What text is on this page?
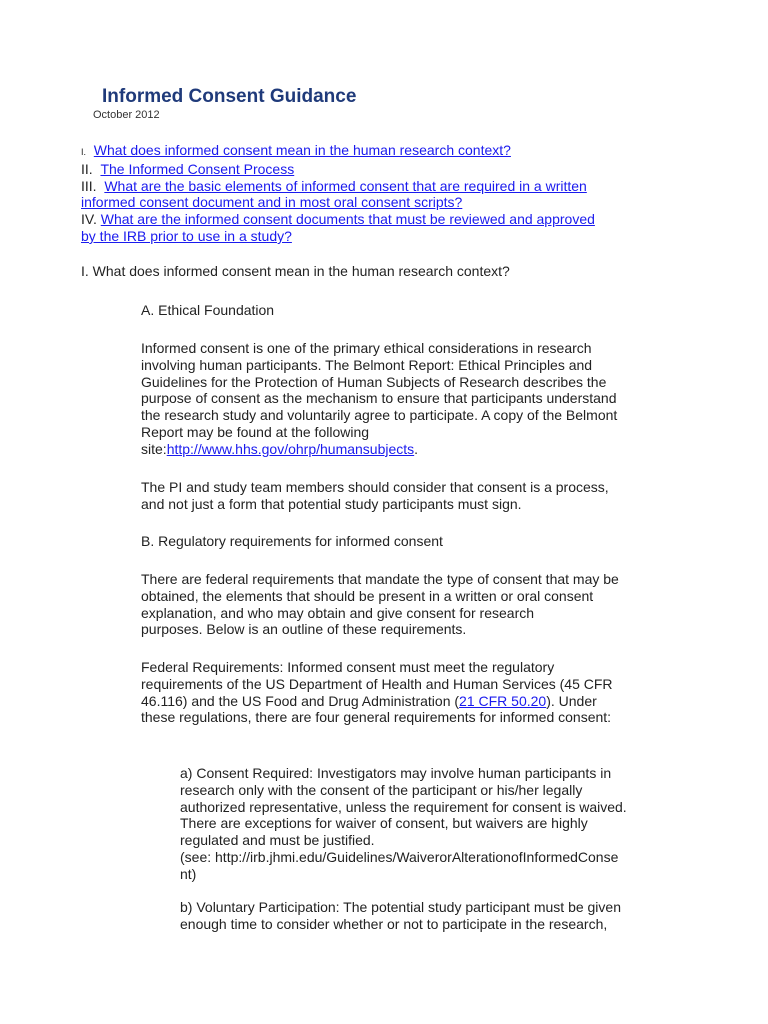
Informed Consent Guidance
October 2012
I. What does informed consent mean in the human research context?
II. The Informed Consent Process
III. What are the basic elements of informed consent that are required in a written
informed consent document and in most oral consent scripts?
IV. What are the informed consent documents that must be reviewed and approved
by the IRB prior to use in a study?
I. What does informed consent mean in the human research context?
A. Ethical Foundation
Informed consent is one of the primary ethical considerations in research
involving human participants. The Belmont Report: Ethical Principles and
Guidelines for the Protection of Human Subjects of Research describes the
purpose of consent as the mechanism to ensure that participants understand
the research study and voluntarily agree to participate. A copy of the Belmont
Report may be found at the following
site:http://www.hhs.gov/ohrp/humansubjects.
The PI and study team members should consider that consent is a process,
and not just a form that potential study participants must sign.
B. Regulatory requirements for informed consent
There are federal requirements that mandate the type of consent that may be
obtained, the elements that should be present in a written or oral consent
explanation, and who may obtain and give consent for research
purposes. Below is an outline of these requirements.
Federal Requirements: Informed consent must meet the regulatory
requirements of the US Department of Health and Human Services (45 CFR
46.116) and the US Food and Drug Administration (21 CFR 50.20). Under
these regulations, there are four general requirements for informed consent:
a) Consent Required: Investigators may involve human participants in
research only with the consent of the participant or his/her legally
authorized representative, unless the requirement for consent is waived.
There are exceptions for waiver of consent, but waivers are highly
regulated and must be justified.
(see: http://irb.jhmi.edu/Guidelines/WaiverorAlterationofInformedConse
nt)
b) Voluntary Participation: The potential study participant must be given
enough time to consider whether or not to participate in the research,
